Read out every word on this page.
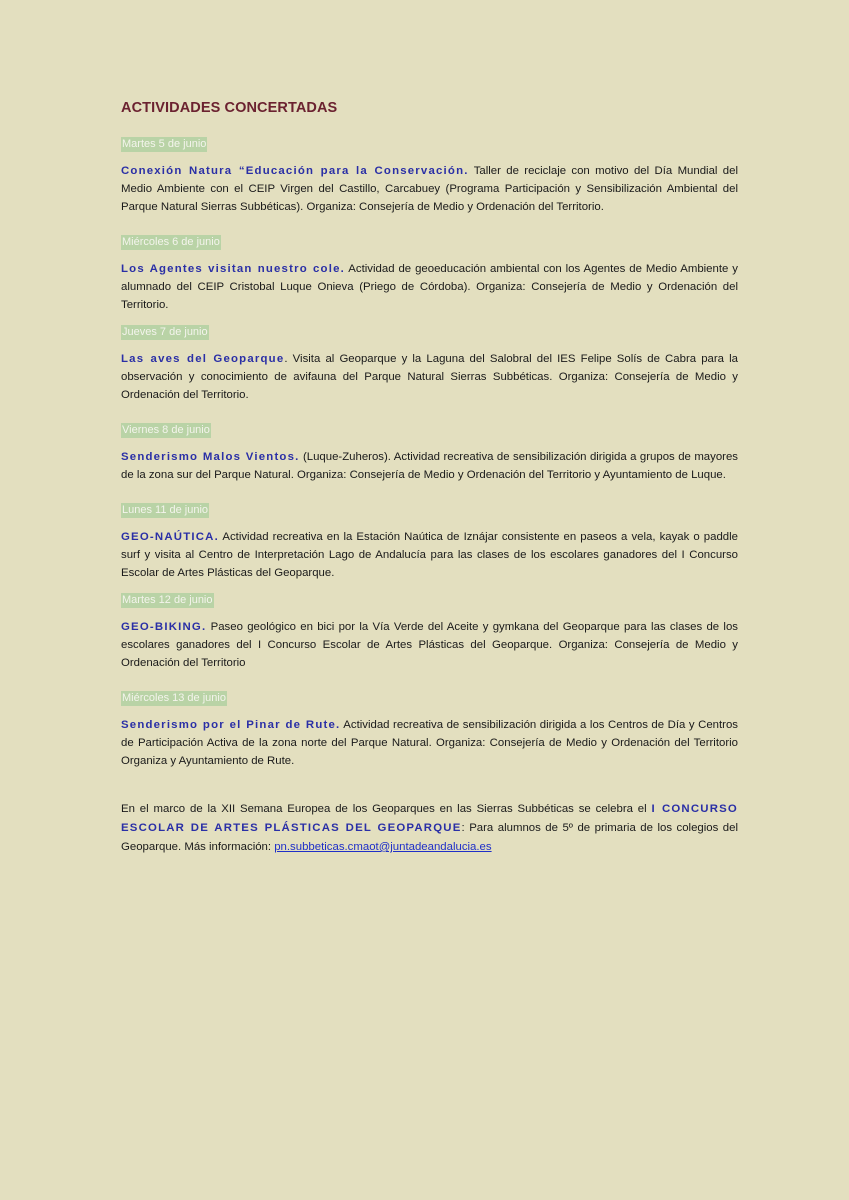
ACTIVIDADES CONCERTADAS
Martes 5 de junio

Conexión Natura “Educación para la Conservación. Taller de reciclaje con motivo del Día Mundial del Medio Ambiente con el CEIP Virgen del Castillo, Carcabuey (Programa Participación y Sensibilización Ambiental del Parque Natural Sierras Subbéticas). Organiza: Consejería de Medio y Ordenación del Territorio.

Miércoles 6 de junio

Los Agentes visitan nuestro cole. Actividad de geoeducación ambiental con los Agentes de Medio Ambiente y alumnado del CEIP Cristobal Luque Onieva (Priego de Córdoba). Organiza: Consejería de Medio y Ordenación del Territorio.

Jueves 7 de junio

Las aves del Geoparque. Visita al Geoparque y la Laguna del Salobral del IES Felipe Solís de Cabra para la observación y conocimiento de avifauna del Parque Natural Sierras Subbéticas. Organiza: Consejería de Medio y Ordenación del Territorio.

Viernes 8 de junio

Senderismo Malos Vientos. (Luque-Zuheros). Actividad recreativa de sensibilización dirigida a grupos de mayores de la zona sur del Parque Natural. Organiza: Consejería de Medio y Ordenación del Territorio y Ayuntamiento de Luque.

Lunes 11 de junio

GEO-NAÚTICA. Actividad recreativa en la Estación Naútica de Iznájar consistente en paseos a vela, kayak o paddle surf y visita al Centro de Interpretación Lago de Andalucía para las clases de los escolares ganadores del I Concurso Escolar de Artes Plásticas del Geoparque.

Martes 12 de junio

GEO-BIKING. Paseo geológico en bici por la Vía Verde del Aceite y gymkana del Geoparque para las clases de los escolares ganadores del I Concurso Escolar de Artes Plásticas del Geoparque. Organiza: Consejería de Medio y Ordenación del Territorio

Miércoles 13 de junio

Senderismo por el Pinar de Rute. Actividad recreativa de sensibilización dirigida a los Centros de Día y Centros de Participación Activa de la zona norte del Parque Natural. Organiza: Consejería de Medio y Ordenación del Territorio Organiza y Ayuntamiento de Rute.

En el marco de la XII Semana Europea de los Geoparques en las Sierras Subbéticas se celebra el I CONCURSO ESCOLAR DE ARTES PLÁSTICAS DEL GEOPARQUE: Para alumnos de 5º de primaria de los colegios del Geoparque. Más información: pn.subbeticas.cmaot@juntadeandalucia.es
